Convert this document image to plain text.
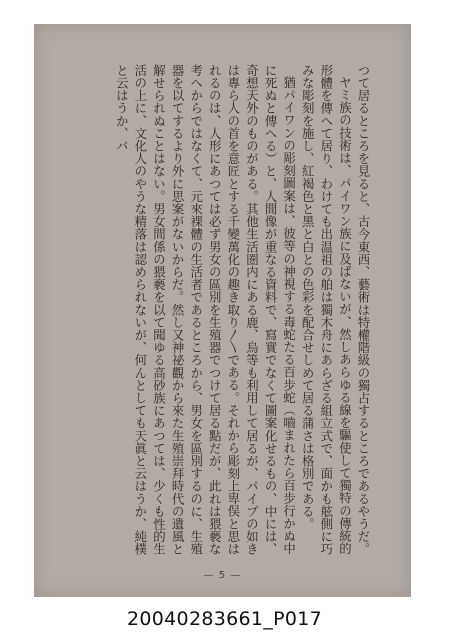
つて居るところを見ると、古今東西、藝術は特權階級の獨占するところであるやうだ。

ヤミ族の技術は、パイワン族に及ばないが、然しあらゆる線を驅使して獨特の傳統的形體を傳へて居り、わけても出温祖の舶は獨木舟にあらざる組立式で、面かも舷側に巧みな彫刻を施し、紅褐色と黑と白との色彩を配合せしめて居る蒲さは格別である。

猶パイワンの彫刻圖案は、彼等の神視する毒蛇たる百步蛇（嚙まれたら百步行かぬ中に死ぬと傳へる）と、人間像が重なる資料で、寫實でなくて圖案化せるもの、中には、奇想天外のものがある。其他生活圏内にある鹿、烏等も利用して居るが、パイプの如きは專ら人の首を意匠とする千變萬化の趣き取り〳〵である。それから彫刻上卑俣と思はれるのは、人形にあつては必ず男女の區別を生殖器でつけて居る點だが、此れは猥褻な考へからではなくて、元來裸體の生活者であるところから、男女を區別するのに、生殖器を以てするより外に思案がないからだ。然し又神祕觀から來た生殖崇拜時代の遺風と解せられぬことはない。男女間係の猥褻を以て聞ゆる高砂族にあつては、少くも性的生活の上に、文化人のやうな精落は認められないが、何んとしても天眞と云はうか、純樸と云はうか、バ

— 5 —
20040283661_P017
